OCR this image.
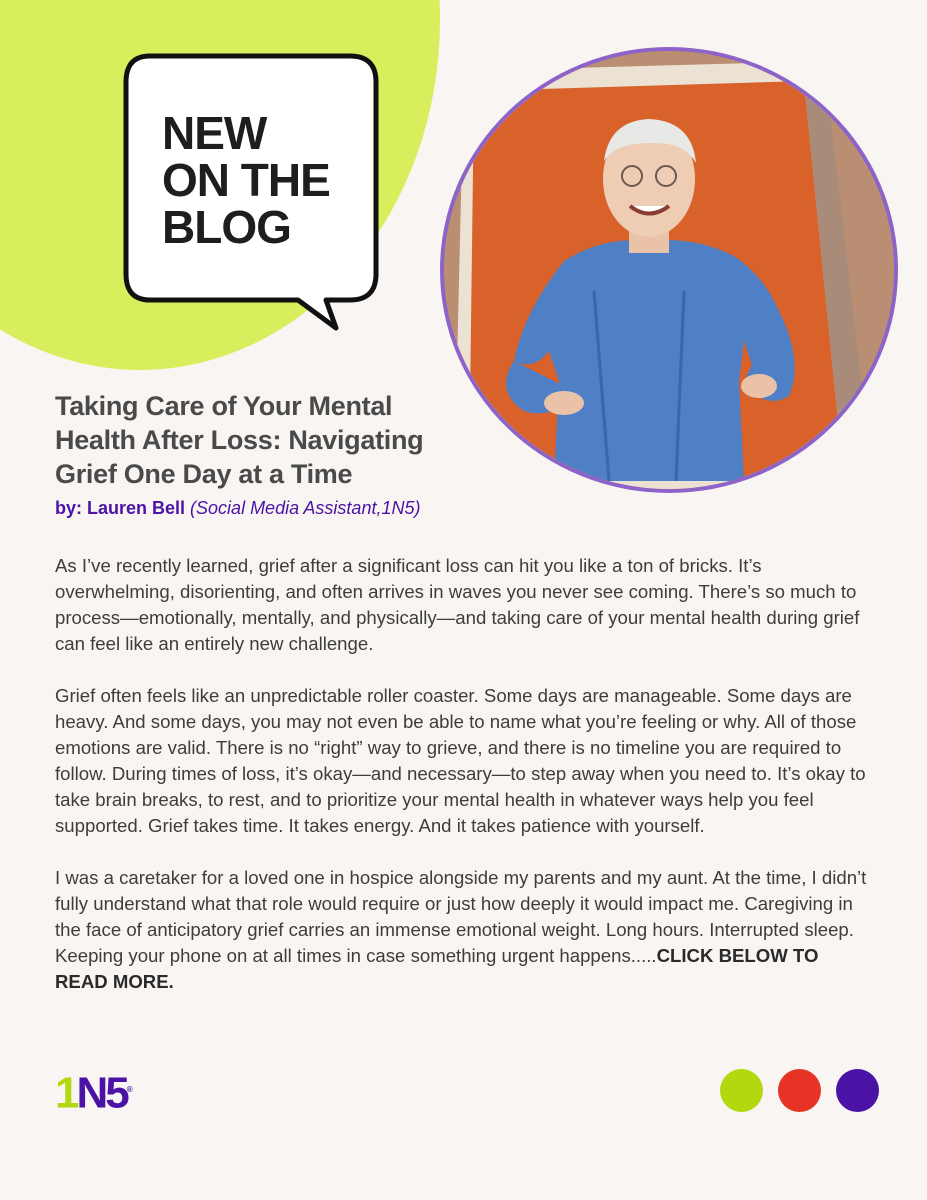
NEW
ON THE
BLOG
Taking Care of Your Mental Health After Loss: Navigating Grief One Day at a Time
by: Lauren Bell (Social Media Assistant,1N5)

As I’ve recently learned, grief after a significant loss can hit you like a ton of bricks. It’s overwhelming, disorienting, and often arrives in waves you never see coming. There’s so much to process—emotionally, mentally, and physically—and taking care of your mental health during grief can feel like an entirely new challenge.

Grief often feels like an unpredictable roller coaster. Some days are manageable. Some days are heavy. And some days, you may not even be able to name what you’re feeling or why. All of those emotions are valid. There is no “right” way to grieve, and there is no timeline you are required to follow. During times of loss, it’s okay—and necessary—to step away when you need to. It’s okay to take brain breaks, to rest, and to prioritize your mental health in whatever ways help you feel supported. Grief takes time. It takes energy. And it takes patience with yourself.

I was a caretaker for a loved one in hospice alongside my parents and my aunt. At the time, I didn’t fully understand what that role would require or just how deeply it would impact me. Caregiving in the face of anticipatory grief carries an immense emotional weight. Long hours. Interrupted sleep. Keeping your phone on at all times in case something urgent happens.....CLICK BELOW TO READ MORE.

1N5®
